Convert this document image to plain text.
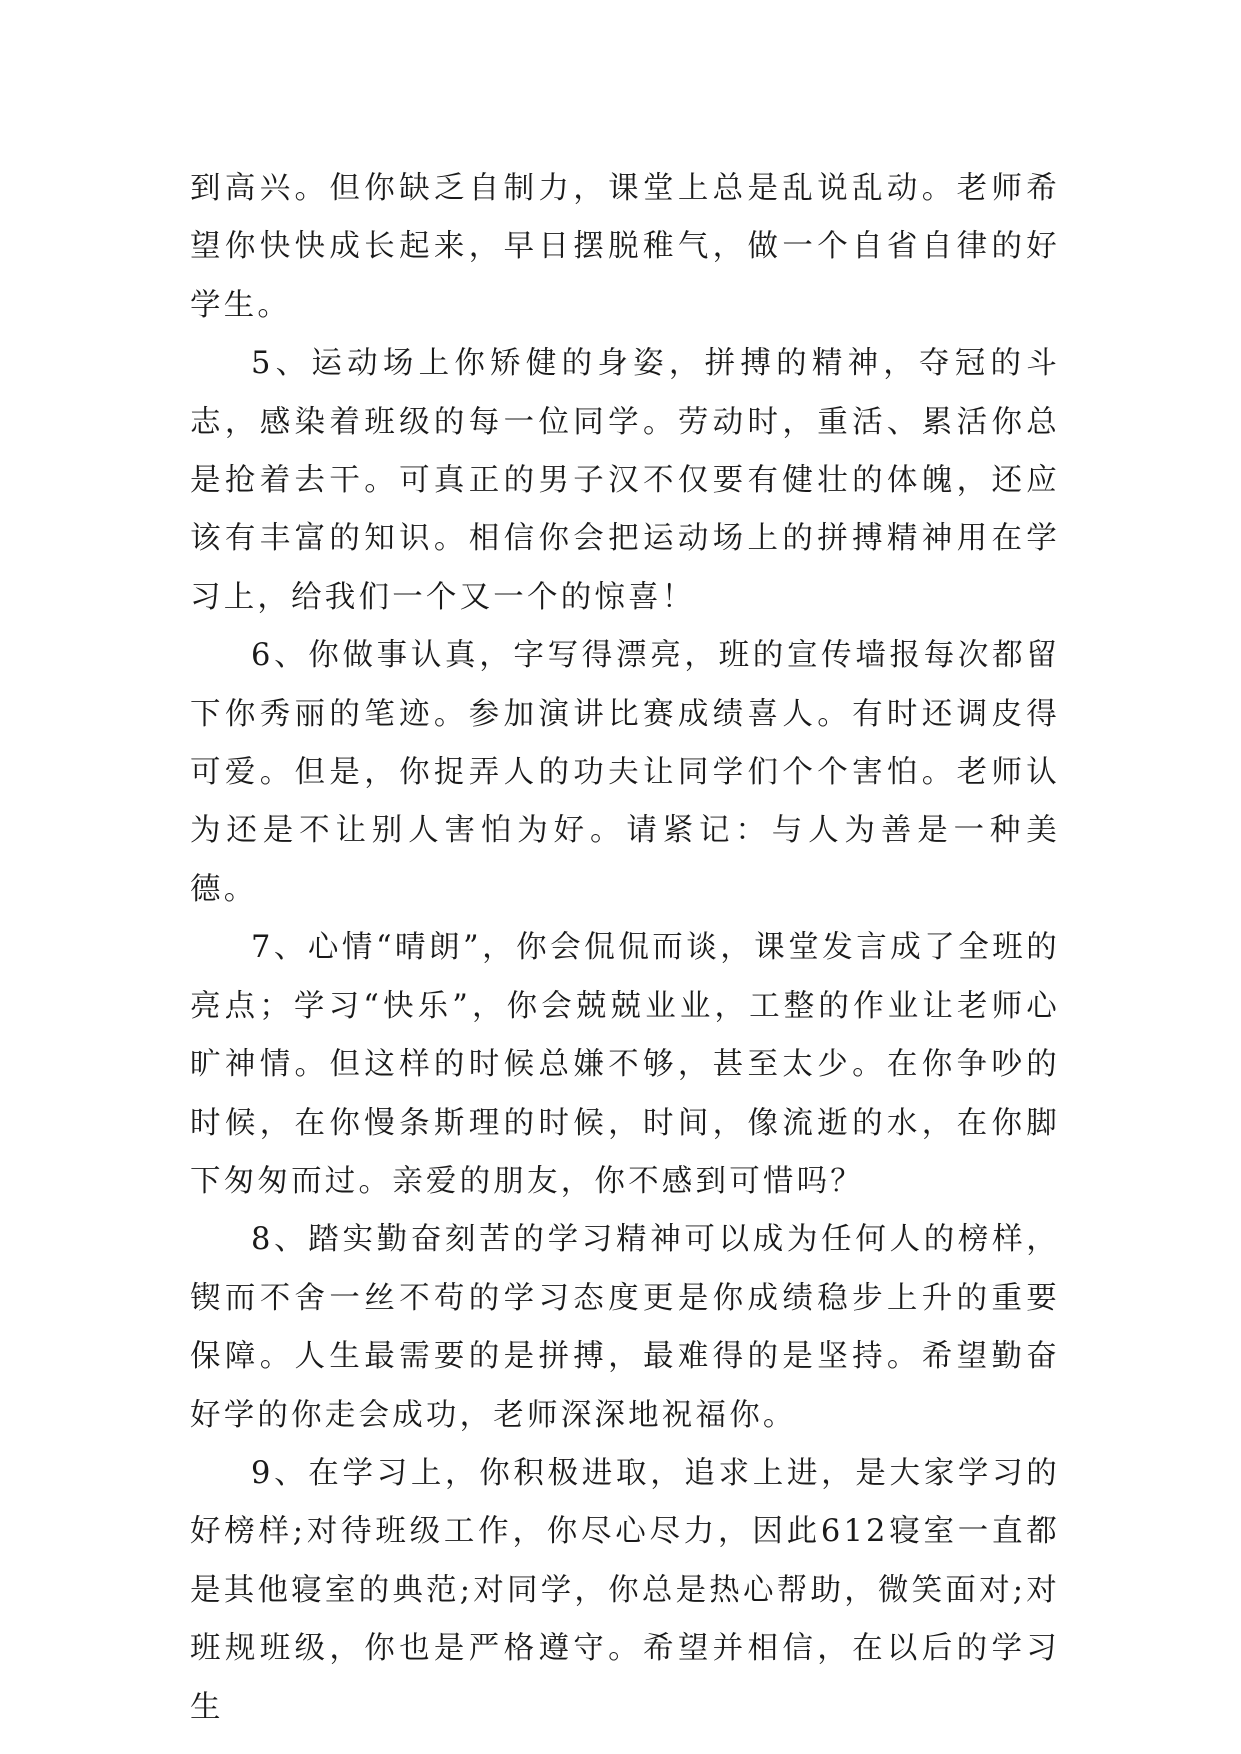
到高兴。但你缺乏自制力，课堂上总是乱说乱动。老师希望你快快成长起来，早日摆脱稚气，做一个自省自律的好学生。

5、运动场上你矫健的身姿，拼搏的精神，夺冠的斗志，感染着班级的每一位同学。劳动时，重活、累活你总是抢着去干。可真正的男子汉不仅要有健壮的体魄，还应该有丰富的知识。相信你会把运动场上的拼搏精神用在学习上，给我们一个又一个的惊喜！

6、你做事认真，字写得漂亮，班的宣传墙报每次都留下你秀丽的笔迹。参加演讲比赛成绩喜人。有时还调皮得可爱。但是，你捉弄人的功夫让同学们个个害怕。老师认为还是不让别人害怕为好。请紧记：与人为善是一种美德。

7、心情“晴朗”，你会侃侃而谈，课堂发言成了全班的亮点；学习“快乐”，你会兢兢业业，工整的作业让老师心旷神情。但这样的时候总嫌不够，甚至太少。在你争吵的时候，在你慢条斯理的时候，时间，像流逝的水，在你脚下匆匆而过。亲爱的朋友，你不感到可惜吗？

8、踏实勤奋刻苦的学习精神可以成为任何人的榜样，锲而不舍一丝不苟的学习态度更是你成绩稳步上升的重要保障。人生最需要的是拼搏，最难得的是坚持。希望勤奋好学的你走会成功，老师深深地祝福你。

9、在学习上，你积极进取，追求上进，是大家学习的好榜样;对待班级工作，你尽心尽力，因此612寝室一直都是其他寝室的典范;对同学，你总是热心帮助，微笑面对;对班规班级，你也是严格遵守。希望并相信，在以后的学习生
